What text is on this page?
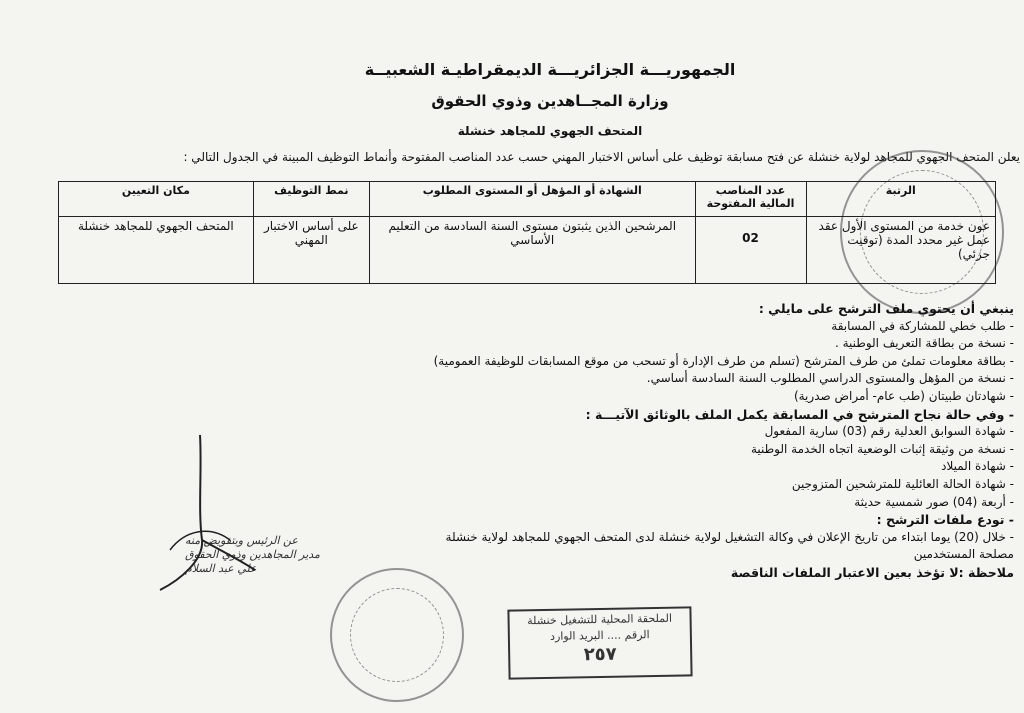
الجمهوريـــة الجزائريـــة الديمقراطيـة الشعبيــة
وزارة المجــاهدين وذوي الحقوق
المتحف الجهوي للمجاهد خنشلة
يعلن المتحف الجهوي للمجاهد لولاية خنشلة عن فتح مسابقة توظيف على أساس الاختبار المهني حسب عدد المناصب المفتوحة وأنماط التوظيف المبينة في الجدول التالي :
الرتبة	عدد المناصب المالية المفتوحة	الشهادة أو المؤهل أو المستوى المطلوب	نمط التوظيف	مكان التعيين
عون خدمة من المستوى الأول عقد عمل غير محدد المدة (توقيت جزئي)	02	المرشحين الذين يثبتون مستوى السنة السادسة من التعليم الأساسي	على أساس الاختبار المهني	المتحف الجهوي للمجاهد خنشلة
ينبغي أن يحتوي ملف الترشح على مايلي :
- طلب خطي للمشاركة في المسابقة
- نسخة من بطاقة التعريف الوطنية .
- بطاقة معلومات تملئ من طرف المترشح (تسلم من طرف الإدارة أو تسحب من موقع المسابقات للوظيفة العمومية)
- نسخة من المؤهل والمستوى الدراسي المطلوب السنة السادسة أساسي.
- شهادتان طبيتان (طب عام- أمراض صدرية)
- وفي حالة نجاح المترشح في المسابقة يكمل الملف بالوثائق الآتيـــة :
- شهادة السوابق العدلية رقم (03) سارية المفعول
- نسخة من وثيقة إثبات الوضعية اتجاه الخدمة الوطنية
- شهادة الميلاد
- شهادة الحالة العائلية للمترشحين المتزوجين
- أربعة (04) صور شمسية حديثة
- تودع ملفات الترشح :
- خلال (20) يوما ابتداء من تاريخ الإعلان في وكالة التشغيل لولاية خنشلة لدى المتحف الجهوي للمجاهد لولاية خنشلة
مصلحة المستخدمين
ملاحظة :لا تؤخذ بعين الاعتبار الملفات الناقصة
عن الرئيس وبتفويض منه
مدير المجاهدين وذوي الحقوق
علي عبد السلام
الملحقة المحلية للتشغيل خنشلة
الرقم .... البريد الوارد
٢٥٧
